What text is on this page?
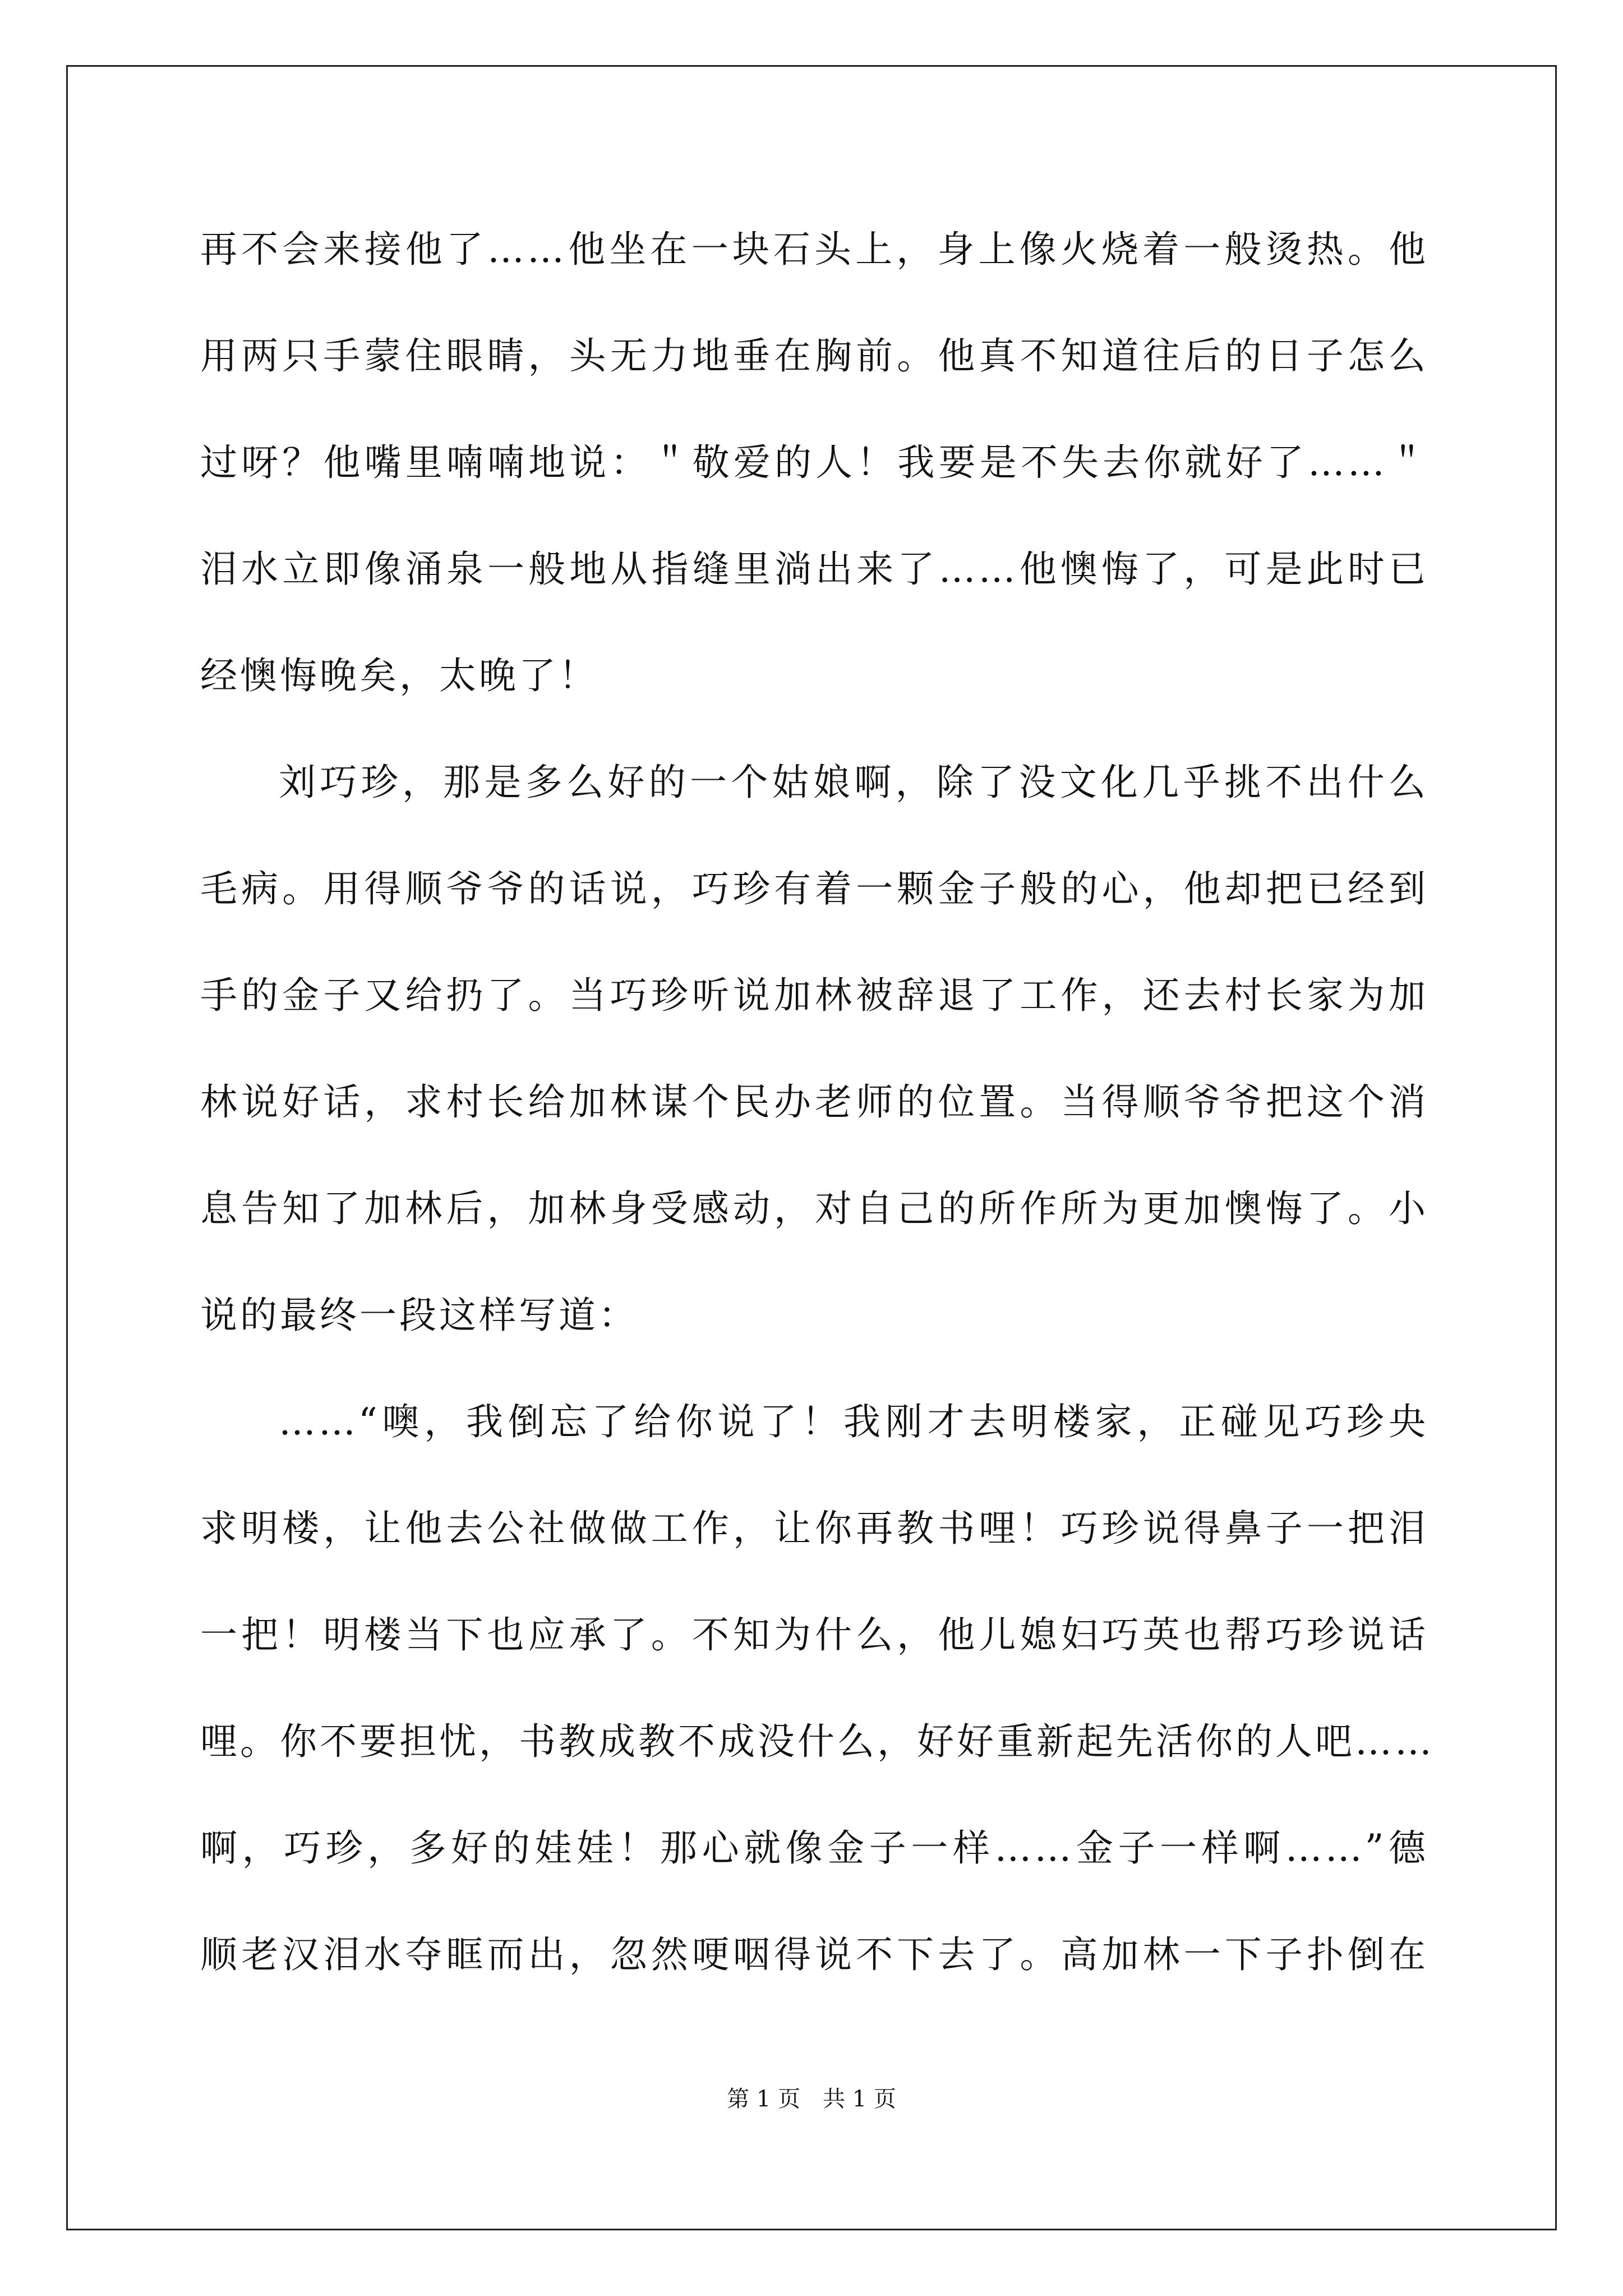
再不会来接他了……他坐在一块石头上，身上像火烧着一般烫热。他
用两只手蒙住眼睛，头无力地垂在胸前。他真不知道往后的日子怎么
过呀？他嘴里喃喃地说：＂敬爱的人！我要是不失去你就好了……＂
泪水立即像涌泉一般地从指缝里淌出来了……他懊悔了，可是此时已
经懊悔晚矣，太晚了！
刘巧珍，那是多么好的一个姑娘啊，除了没文化几乎挑不出什么
毛病。用得顺爷爷的话说，巧珍有着一颗金子般的心，他却把已经到
手的金子又给扔了。当巧珍听说加林被辞退了工作，还去村长家为加
林说好话，求村长给加林谋个民办老师的位置。当得顺爷爷把这个消
息告知了加林后，加林身受感动，对自己的所作所为更加懊悔了。小
说的最终一段这样写道：
……“噢，我倒忘了给你说了！我刚才去明楼家，正碰见巧珍央
求明楼，让他去公社做做工作，让你再教书哩！巧珍说得鼻子一把泪
一把！明楼当下也应承了。不知为什么，他儿媳妇巧英也帮巧珍说话
哩。你不要担忧，书教成教不成没什么，好好重新起先活你的人吧……
啊，巧珍，多好的娃娃！那心就像金子一样……金子一样啊……”德
顺老汉泪水夺眶而出，忽然哽咽得说不下去了。高加林一下子扑倒在
第 1 页　共 1 页
